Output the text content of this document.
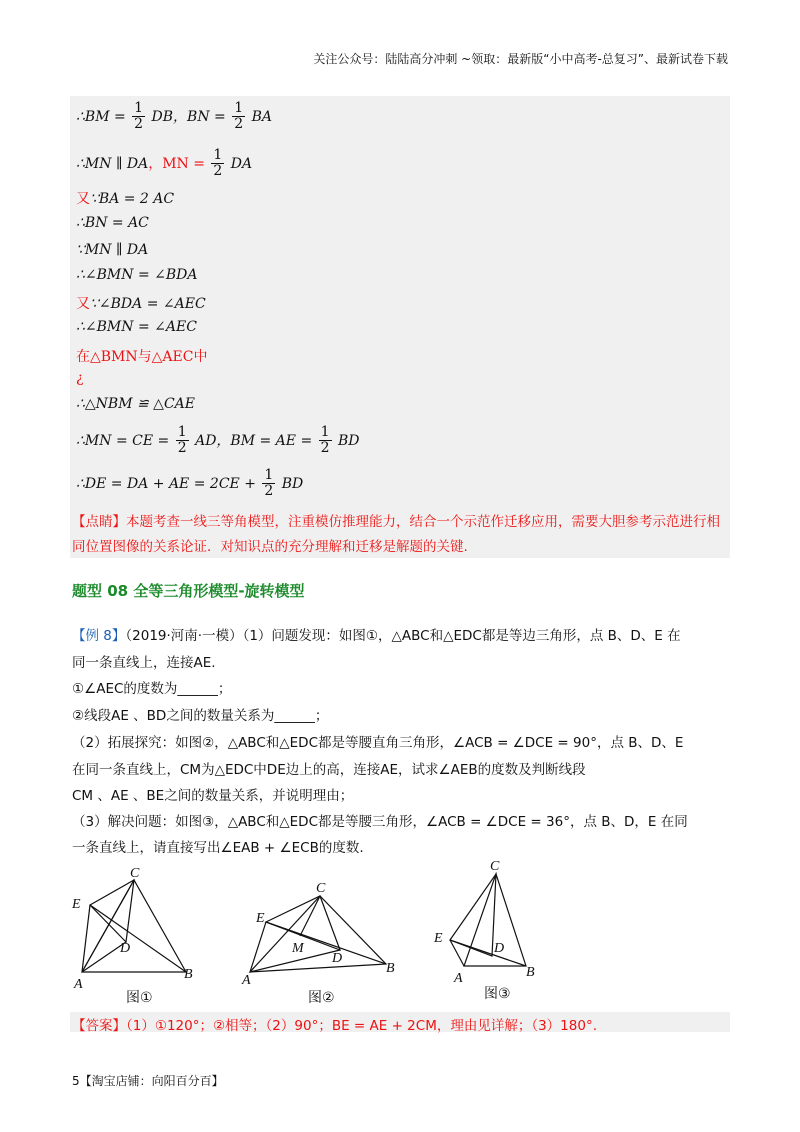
关注公众号：陆陆高分冲刺 ~领取：最新版“小中高考-总复习”、最新试卷下载
∴BM = $\frac{1}{2}$ DB，BN = $\frac{1}{2}$ BA
∴MN ∥ DA，MN = $\frac{1}{2}$ DA
又∵BA = 2 AC
∴BN = AC
∵MN ∥ DA
∴∠BMN = ∠BDA
又∵∠BDA = ∠AEC
∴∠BMN = ∠AEC
在△BMN与△AEC中
¿
∴△NBM ≌ △CAE
∴MN = CE = $\frac{1}{2}$ AD，BM = AE = $\frac{1}{2}$ BD
∴DE = DA + AE = $2CE + \frac{1}{2}$ BD
【点睛】本题考查一线三等角模型，注重模仿推理能力，结合一个示范作迁移应用，需要大胆参考示范进行相同位置图像的关系论证．对知识点的充分理解和迁移是解题的关键.
题型 08 全等三角形模型-旋转模型
【例 8】（2019·河南·一模）（1）问题发现：如图①，△ABC和△EDC都是等边三角形，点 B、D、E 在
同一条直线上，连接AE.
①∠AEC的度数为______；
②线段AE 、BD之间的数量关系为______；
（2）拓展探究：如图②，△ABC和△EDC都是等腰直角三角形，∠ACB = ∠DCE = 90°，点 B、D、E
在同一条直线上，CM为△EDC中DE边上的高，连接AE，试求∠AEB的度数及判断线段
CM 、AE 、BE之间的数量关系，并说明理由；
（3）解决问题：如图③，△ABC和△EDC都是等腰三角形，∠ACB = ∠DCE = 36°，点 B、D，E 在同
一条直线上，请直接写出∠EAB + ∠ECB的度数.
C
E
D
A
B
图①
C
E
M
D
A
B
图②
C
E
D
A	B
图③
【答案】（1）①120°；②相等；（2）90°；BE = AE + 2CM，理由见详解；（3）180°.
5【淘宝店铺：向阳百分百】
